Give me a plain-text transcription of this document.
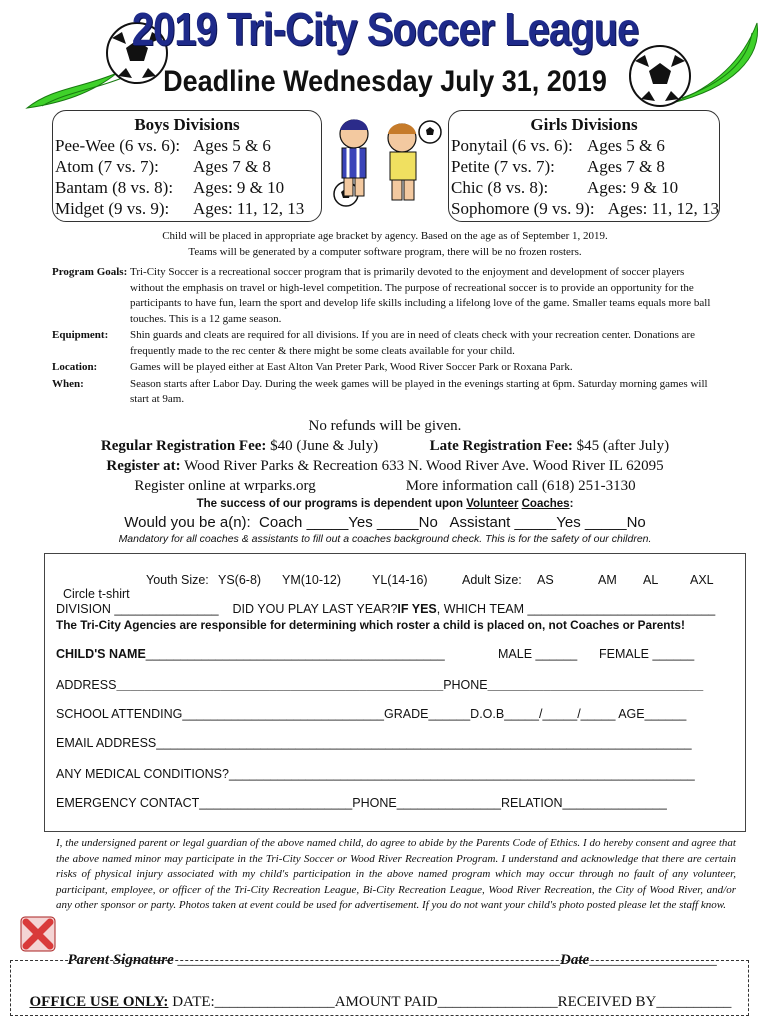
2019 Tri-City Soccer League
Deadline Wednesday July 31, 2019
Boys Divisions
Pee-Wee (6 vs. 6): Ages 5 & 6
Atom (7 vs. 7):	Ages 7 & 8
Bantam (8 vs. 8):	Ages: 9 & 10
Midget (9 vs. 9):	Ages: 11, 12, 13
Girls Divisions
Ponytail (6 vs. 6): Ages 5 & 6
Petite (7 vs. 7):	Ages 7 & 8
Chic (8 vs. 8):	Ages: 9 & 10
Sophomore (9 vs. 9): Ages: 11, 12, 13
Child will be placed in appropriate age bracket by agency. Based on the age as of September 1, 2019.
Teams will be generated by a computer software program, there will be no frozen rosters.
Program Goals: Tri-City Soccer is a recreational soccer program that is primarily devoted to the enjoyment and development of soccer players without the emphasis on travel or high-level competition. The purpose of recreational soccer is to provide an opportunity for the participants to have fun, learn the sport and develop life skills including a lifelong love of the game. Smaller teams equals more ball touches. This is a 12 game season.
Equipment:	Shin guards and cleats are required for all divisions. If you are in need of cleats check with your recreation center. Donations are frequently made to the rec center & there might be some cleats available for your child.
Location:	Games will be played either at East Alton Van Preter Park, Wood River Soccer Park or Roxana Park.
When:	Season starts after Labor Day. During the week games will be played in the evenings starting at 6pm. Saturday morning games will start at 9am.
No refunds will be given.
Regular Registration Fee: $40 (June & July)	Late Registration Fee: $45 (after July)
Register at: Wood River Parks & Recreation 633 N. Wood River Ave. Wood River IL 62095
Register online at wrparks.org	More information call (618) 251-3130
The success of our programs is dependent upon Volunteer Coaches:
Would you be a(n):  Coach _____Yes _____No   Assistant _____Yes _____No
Mandatory for all coaches & assistants to fill out a coaches background check. This is for the safety of our children.

Circle t-shirt

Youth Size: YS(6-8) YM(10-12) YL(14-16)	Adult Size: AS	AM AL	AXL
DIVISION _______________    DID YOU PLAY LAST YEAR?IF YES, WHICH TEAM ___________________________
The Tri-City Agencies are responsible for determining which roster a child is placed on, not Coaches or Parents!
CHILD'S NAME___________________________________________	MALE ______ FEMALE ______
ADDRESS_______________________________________________PHONE_______________________________
SCHOOL ATTENDING_____________________________GRADE______D.O.B_____/_____/_____ AGE______
EMAIL ADDRESS_____________________________________________________________________________
ANY MEDICAL CONDITIONS?___________________________________________________________________
EMERGENCY CONTACT______________________PHONE_______________RELATION_______________
I, the undersigned parent or legal guardian of the above named child, do agree to abide by the Parents Code of Ethics. I do hereby consent and agree that the above named minor may participate in the Tri-City Soccer or Wood River Recreation Program. I understand and acknowledge that there are certain risks of physical injury associated with my child's participation in the above named program which may occur through no fault of any volunteer, participant, employee, or officer of the Tri-City Recreation League, Bi-City Recreation League, Wood River Recreation, the City of Wood River, and/or any other sponsor or party. Photos taken at event could be used for advertisement. If you do not want your child's photo posted please let the staff know.

Parent Signature ___________________________________________________Date_________________

OFFICE USE ONLY: DATE:________________AMOUNT PAID________________RECEIVED BY__________
